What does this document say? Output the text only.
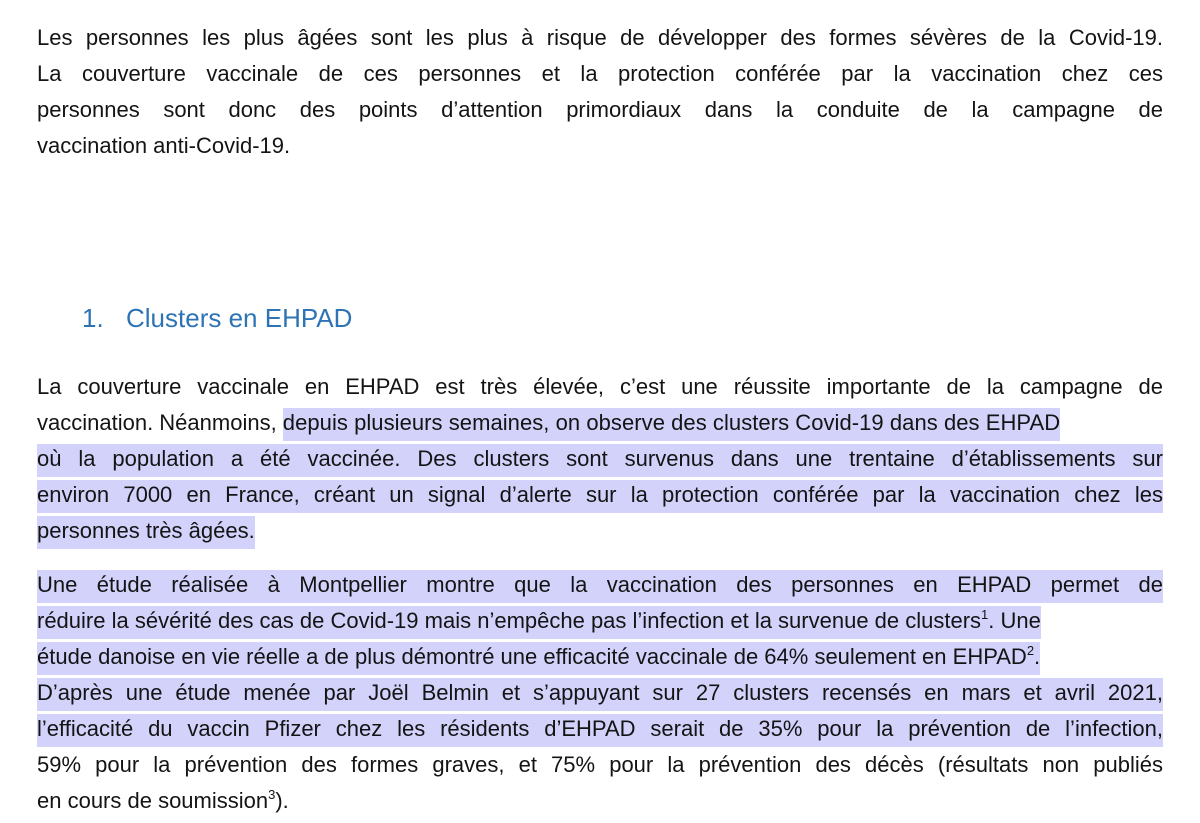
Les personnes les plus âgées sont les plus à risque de développer des formes sévères de la Covid-19.
La couverture vaccinale de ces personnes et la protection conférée par la vaccination chez ces
personnes sont donc des points d’attention primordiaux dans la conduite de la campagne de
vaccination anti-Covid-19.
1. Clusters en EHPAD
La couverture vaccinale en EHPAD est très élevée, c’est une réussite importante de la campagne de
vaccination. Néanmoins, depuis plusieurs semaines, on observe des clusters Covid-19 dans des EHPAD
où la population a été vaccinée. Des clusters sont survenus dans une trentaine d’établissements sur
environ 7000 en France, créant un signal d’alerte sur la protection conférée par la vaccination chez les
personnes très âgées.
Une étude réalisée à Montpellier montre que la vaccination des personnes en EHPAD permet de
réduire la sévérité des cas de Covid-19 mais n’empêche pas l’infection et la survenue de clusters$^1$. Une
étude danoise en vie réelle a de plus démontré une efficacité vaccinale de 64% seulement en EHPAD$^2$.
D’après une étude menée par Joël Belmin et s’appuyant sur 27 clusters recensés en mars et avril 2021,
l’efficacité du vaccin Pfizer chez les résidents d’EHPAD serait de 35% pour la prévention de l’infection,
59% pour la prévention des formes graves, et 75% pour la prévention des décès (résultats non publiés
en cours de soumission$^3$).
